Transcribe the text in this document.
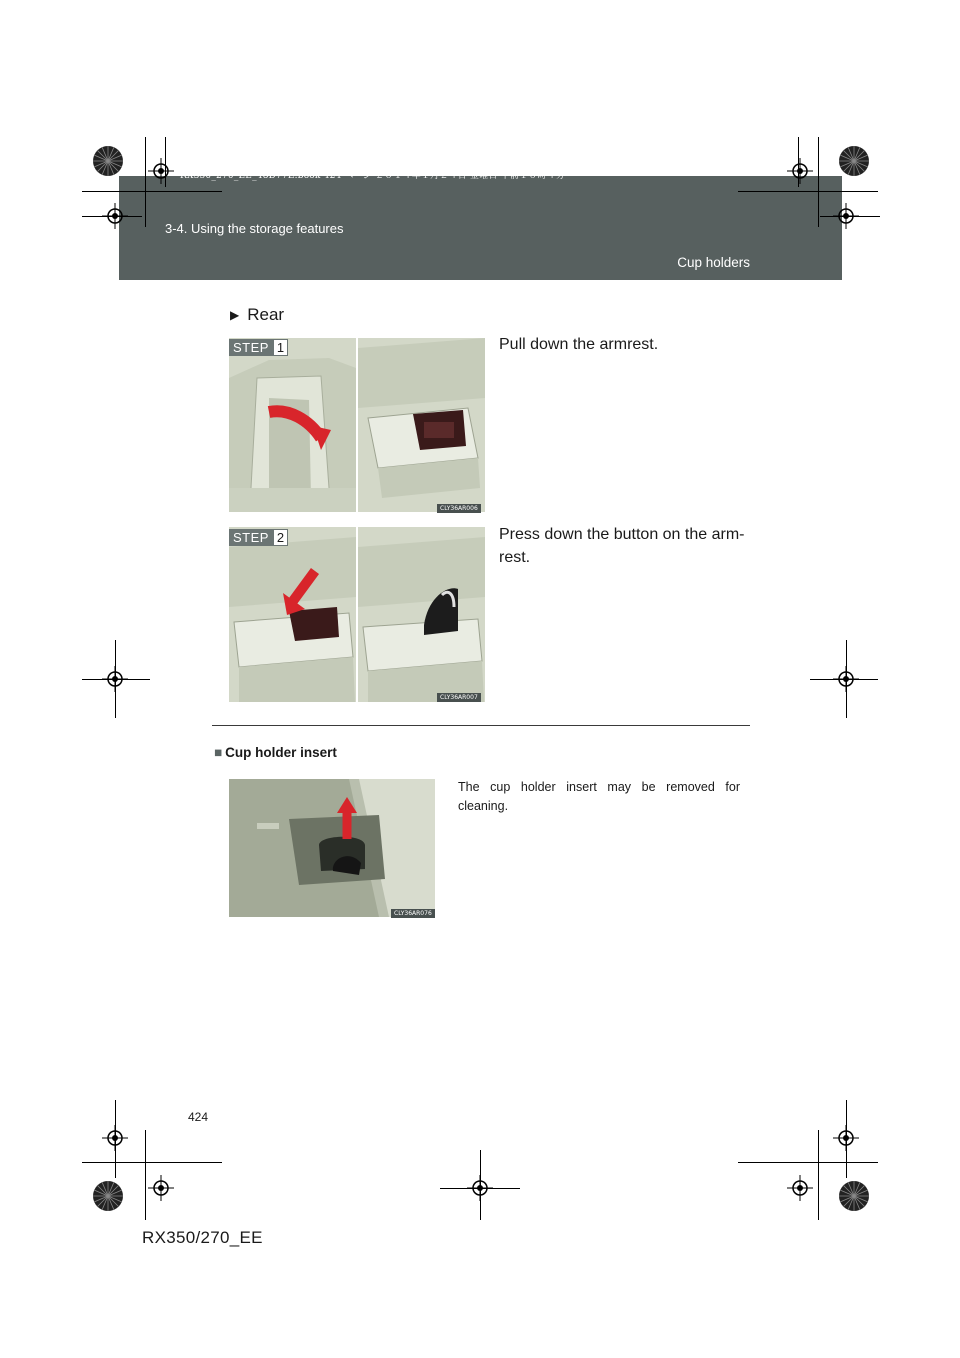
RX350_270_EE_48D77E.book 424 ページ ２０１４年１月２４日 金曜日 午前１０時４分
3-4. Using the storage features
Cup holders
▶ Rear
STEP 1
CLY36AR006
Pull down the armrest.
STEP 2
CLY36AR007
Press down the button on the arm-rest.
■ Cup holder insert
CLY36AR076
The cup holder insert may be removed for cleaning.
424
RX350/270_EE
